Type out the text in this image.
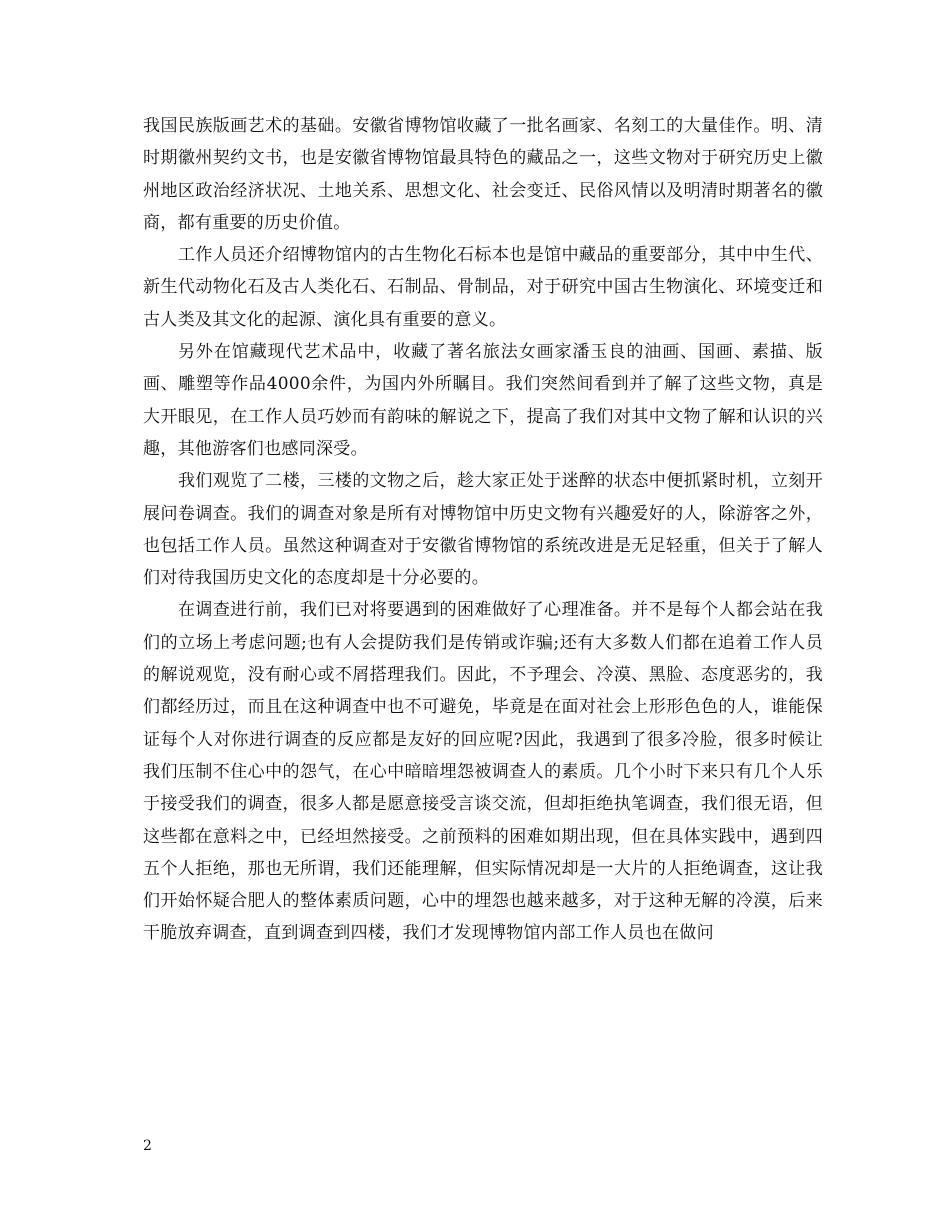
我国民族版画艺术的基础。安徽省博物馆收藏了一批名画家、名刻工的大量佳作。明、清时期徽州契约文书，也是安徽省博物馆最具特色的藏品之一，这些文物对于研究历史上徽州地区政治经济状况、土地关系、思想文化、社会变迁、民俗风情以及明清时期著名的徽商，都有重要的历史价值。

工作人员还介绍博物馆内的古生物化石标本也是馆中藏品的重要部分，其中中生代、新生代动物化石及古人类化石、石制品、骨制品，对于研究中国古生物演化、环境变迁和古人类及其文化的起源、演化具有重要的意义。

另外在馆藏现代艺术品中，收藏了著名旅法女画家潘玉良的油画、国画、素描、版画、雕塑等作品4000余件，为国内外所瞩目。我们突然间看到并了解了这些文物，真是大开眼见，在工作人员巧妙而有韵味的解说之下，提高了我们对其中文物了解和认识的兴趣，其他游客们也感同深受。

我们观览了二楼，三楼的文物之后，趁大家正处于迷醉的状态中便抓紧时机，立刻开展问卷调查。我们的调查对象是所有对博物馆中历史文物有兴趣爱好的人，除游客之外，也包括工作人员。虽然这种调查对于安徽省博物馆的系统改进是无足轻重，但关于了解人们对待我国历史文化的态度却是十分必要的。

在调查进行前，我们已对将要遇到的困难做好了心理准备。并不是每个人都会站在我们的立场上考虑问题;也有人会提防我们是传销或诈骗;还有大多数人们都在追着工作人员的解说观览，没有耐心或不屑搭理我们。因此，不予理会、冷漠、黑脸、态度恶劣的，我们都经历过，而且在这种调查中也不可避免，毕竟是在面对社会上形形色色的人，谁能保证每个人对你进行调查的反应都是友好的回应呢?因此，我遇到了很多冷脸，很多时候让我们压制不住心中的怨气，在心中暗暗埋怨被调查人的素质。几个小时下来只有几个人乐于接受我们的调查，很多人都是愿意接受言谈交流，但却拒绝执笔调查，我们很无语，但这些都在意料之中，已经坦然接受。之前预料的困难如期出现，但在具体实践中，遇到四五个人拒绝，那也无所谓，我们还能理解，但实际情况却是一大片的人拒绝调查，这让我们开始怀疑合肥人的整体素质问题，心中的埋怨也越来越多，对于这种无解的冷漠，后来干脆放弃调查，直到调查到四楼，我们才发现博物馆内部工作人员也在做问

2
